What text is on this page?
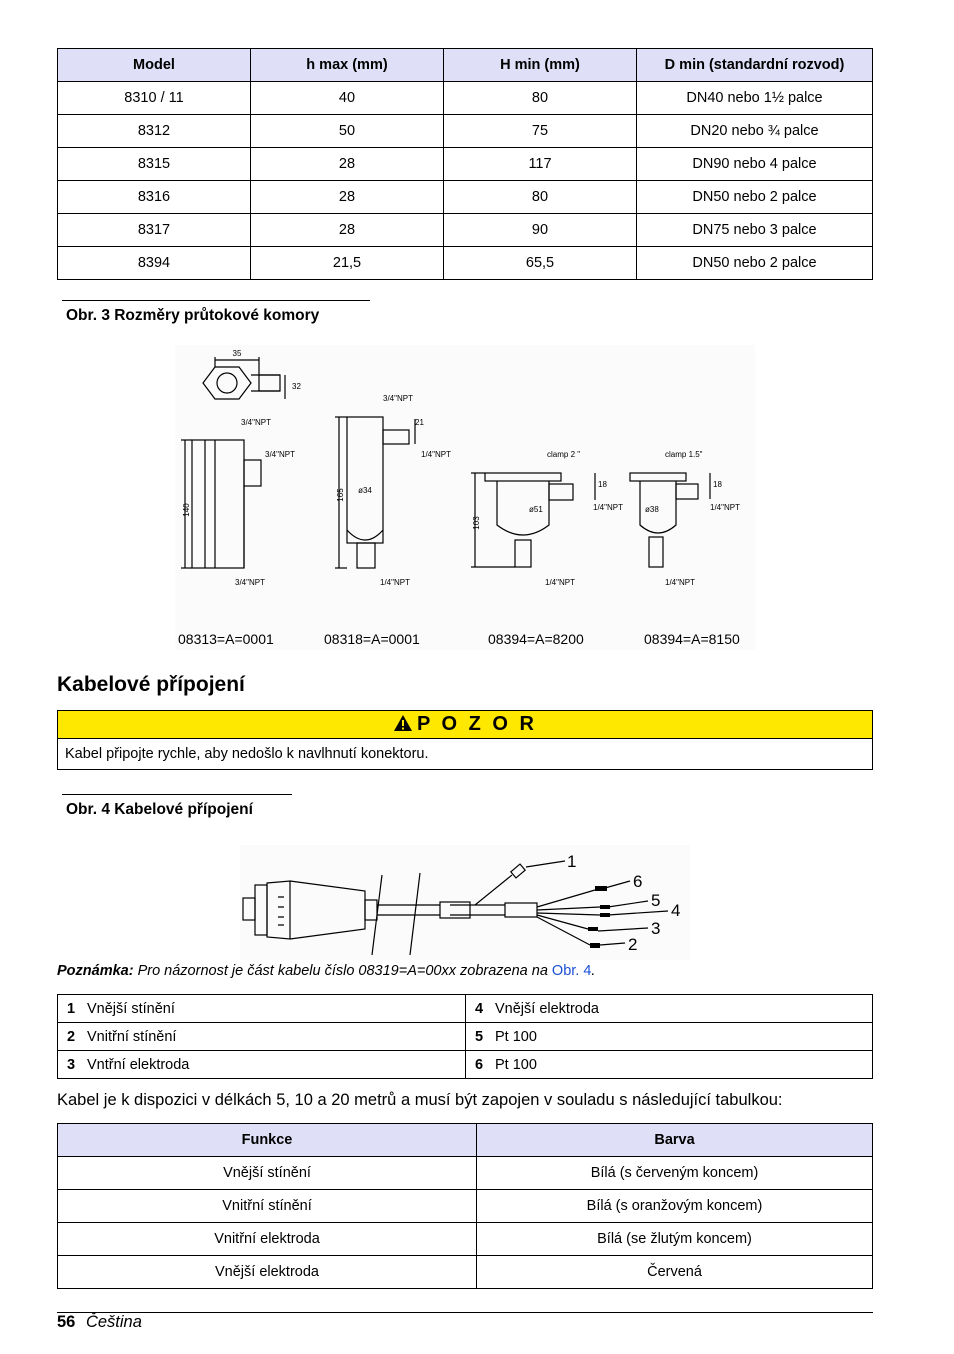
Model	h max (mm)	H min (mm)	D min (standardní rozvod)
8310 / 11	40	80	DN40 nebo 1½ palce
8312	50	75	DN20 nebo ¾ palce
8315	28	117	DN90 nebo 4 palce
8316	28	80	DN50 nebo 2 palce
8317	28	90	DN75 nebo 3 palce
8394	21,5	65,5	DN50 nebo 2 palce
Obr. 3 Rozměry průtokové komory
35
32
3/4"NPT
3/4"NPT
140
3/4"NPT
3/4"NPT
165
21
1/4"NPT
ø34
1/4"NPT
clamp 2 "
18
103
ø51	1/4"NPT
1/4"NPT
clamp 1.5"
18
ø38	1/4"NPT
1/4"NPT
08313=A=0001	08318=A=0001	08394=A=8200	08394=A=8150
Kabelové přípojení
P O Z O R
Kabel připojte rychle, aby nedošlo k navlhnutí konektoru.
Obr. 4 Kabelové přípojení
1
6
5
4
3
2
Poznámka: Pro názornost je část kabelu číslo 08319=A=00xx zobrazena na Obr. 4.
1 Vnější stínění	4 Vnější elektroda
2 Vnitřní stínění	5 Pt 100
3 Vntřní elektroda	6 Pt 100
Kabel je k dispozici v délkách 5, 10 a 20 metrů a musí být zapojen v souladu s následující tabulkou:
Funkce	Barva
Vnější stínění	Bílá (s červeným koncem)
Vnitřní stínění	Bílá (s oranžovým koncem)
Vnitřní elektroda	Bílá (se žlutým koncem)
Vnější elektroda	Červená
56 Čeština
